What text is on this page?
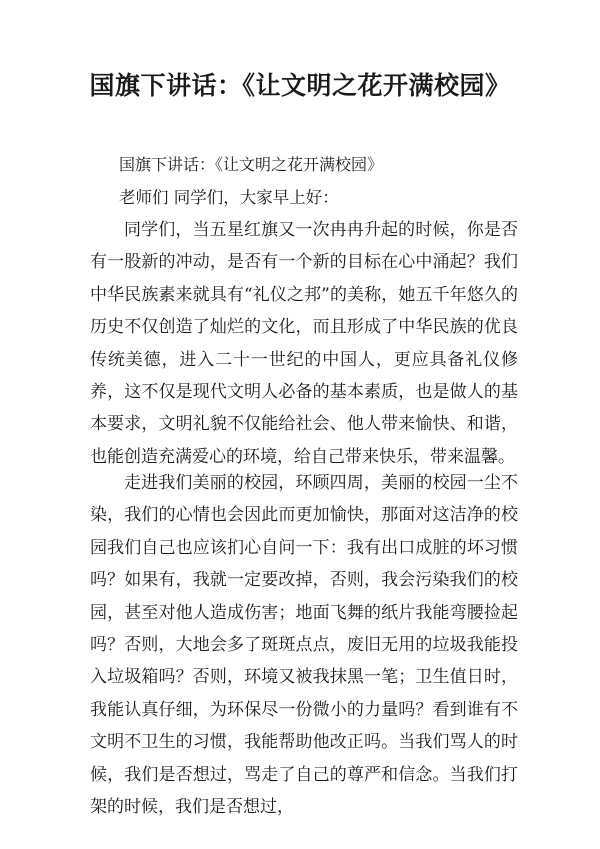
国旗下讲话：《让文明之花开满校园》

国旗下讲话：《让文明之花开满校园》

老师们 同学们，大家早上好：

同学们，当五星红旗又一次冉冉升起的时候，你是否有一股新的冲动，是否有一个新的目标在心中涌起？我们中华民族素来就具有“礼仪之邦”的美称，她五千年悠久的历史不仅创造了灿烂的文化，而且形成了中华民族的优良传统美德，进入二十一世纪的中国人，更应具备礼仪修养，这不仅是现代文明人必备的基本素质，也是做人的基本要求，文明礼貌不仅能给社会、他人带来愉快、和谐，也能创造充满爱心的环境，给自己带来快乐，带来温馨。

走进我们美丽的校园，环顾四周，美丽的校园一尘不染，我们的心情也会因此而更加愉快，那面对这洁净的校园我们自己也应该扪心自问一下：我有出口成脏的坏习惯吗？如果有，我就一定要改掉，否则，我会污染我们的校园，甚至对他人造成伤害；地面飞舞的纸片我能弯腰捡起吗？否则，大地会多了斑斑点点，废旧无用的垃圾我能投入垃圾箱吗？否则，环境又被我抹黑一笔；卫生值日时，我能认真仔细，为环保尽一份微小的力量吗？看到谁有不文明不卫生的习惯，我能帮助他改正吗。当我们骂人的时候，我们是否想过，骂走了自己的尊严和信念。当我们打架的时候，我们是否想过，
